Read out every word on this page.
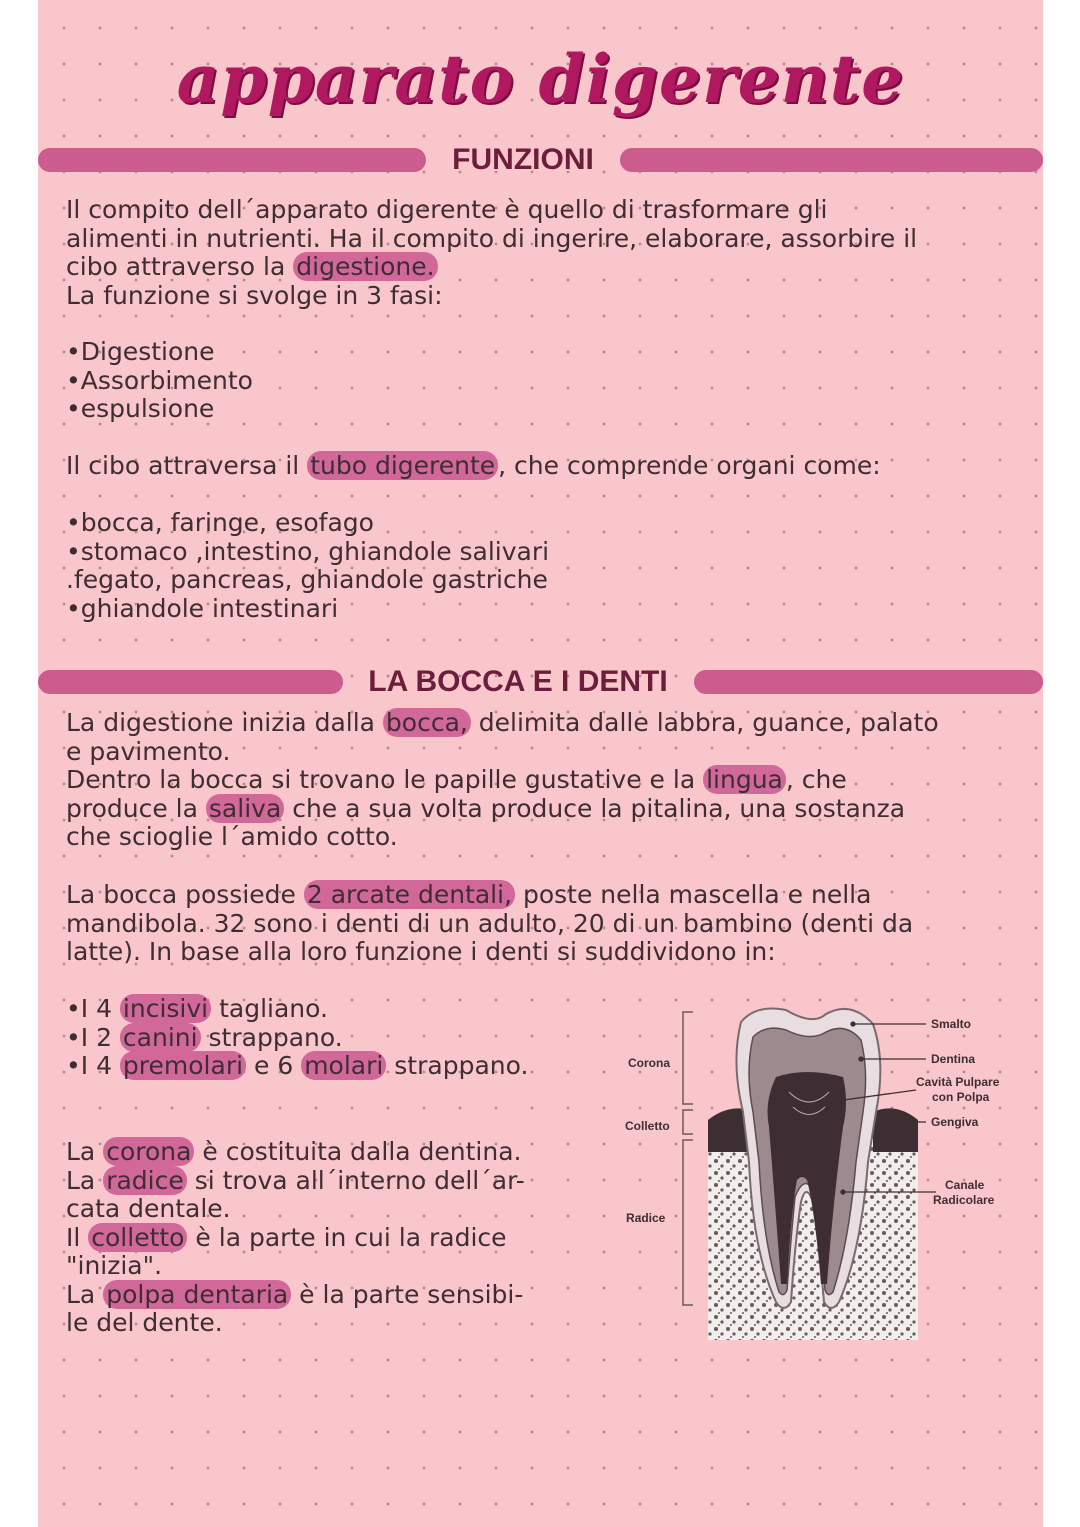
apparato digerente
FUNZIONI
Il compito dell´apparato digerente è quello di trasformare gli
alimenti in nutrienti. Ha il compito di ingerire, elaborare, assorbire il
cibo attraverso la digestione.
La funzione si svolge in 3 fasi:
•Digestione
•Assorbimento
•espulsione
Il cibo attraversa il tubo digerente , che comprende organi come:
•bocca, faringe, esofago
•stomaco ,intestino, ghiandole salivari
.fegato, pancreas, ghiandole gastriche
•ghiandole intestinari
LA BOCCA E I DENTI
La digestione inizia dalla bocca, delimita dalle labbra, guance, palato
e pavimento.
Dentro la bocca si trovano le papille gustative e la lingua , che
produce la saliva che a sua volta produce la pitalina, una sostanza
che scioglie l´amido cotto.
La bocca possiede 2 arcate dentali, poste nella mascella e nella
mandibola. 32 sono i denti di un adulto, 20 di un bambino (denti da
latte). In base alla loro funzione i denti si suddividono in:
•I 4 incisivi tagliano.
•I 2 canini strappano.
•I 4 premolari e 6 molari strappano.
La corona è costituita dalla dentina.
La radice si trova all´interno dell´ar-
cata dentale.
Il colletto è la parte in cui la radice
"inizia".
La polpa dentaria è la parte sensibi-
le del dente.
Corona
Colletto
Radice
Smalto
Dentina
Cavità Pulpare
con Polpa
Gengiva
Canale
Radicolare
